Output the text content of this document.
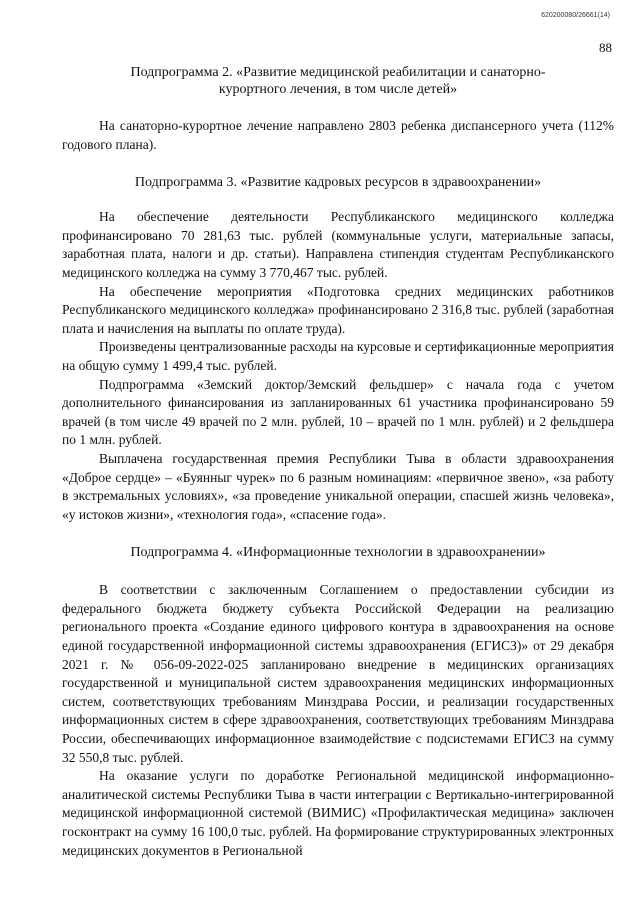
620200080/26661(14)
88

Подпрограмма 2. «Развитие медицинской реабилитации и санаторно-курортного лечения, в том числе детей»

На санаторно-курортное лечение направлено 2803 ребенка диспансерного учета (112% годового плана).

Подпрограмма 3. «Развитие кадровых ресурсов в здравоохранении»

На обеспечение деятельности Республиканского медицинского колледжа профинансировано 70 281,63 тыс. рублей (коммунальные услуги, материальные запасы, заработная плата, налоги и др. статьи). Направлена стипендия студентам Республиканского медицинского колледжа на сумму 3 770,467 тыс. рублей.

На обеспечение мероприятия «Подготовка средних медицинских работников Республиканского медицинского колледжа» профинансировано 2 316,8 тыс. рублей (заработная плата и начисления на выплаты по оплате труда).

Произведены централизованные расходы на курсовые и сертификационные мероприятия на общую сумму 1 499,4 тыс. рублей.

Подпрограмма «Земский доктор/Земский фельдшер» с начала года с учетом дополнительного финансирования из запланированных 61 участника профинансировано 59 врачей (в том числе 49 врачей по 2 млн. рублей, 10 – врачей по 1 млн. рублей) и 2 фельдшера по 1 млн. рублей.

Выплачена государственная премия Республики Тыва в области здравоохранения «Доброе сердце» – «Буянныг чурек» по 6 разным номинациям: «первичное звено», «за работу в экстремальных условиях», «за проведение уникальной операции, спасшей жизнь человека», «у истоков жизни», «технология года», «спасение года».

Подпрограмма 4. «Информационные технологии в здравоохранении»

В соответствии с заключенным Соглашением о предоставлении субсидии из федерального бюджета бюджету субъекта Российской Федерации на реализацию регионального проекта «Создание единого цифрового контура в здравоохранения на основе единой государственной информационной системы здравоохранения (ЕГИСЗ)» от 29 декабря 2021 г. № 056-09-2022-025 запланировано внедрение в медицинских организациях государственной и муниципальной систем здравоохранения медицинских информационных систем, соответствующих требованиям Минздрава России, и реализации государственных информационных систем в сфере здравоохранения, соответствующих требованиям Минздрава России, обеспечивающих информационное взаимодействие с подсистемами ЕГИСЗ на сумму 32 550,8 тыс. рублей.

На оказание услуги по доработке Региональной медицинской информационно-аналитической системы Республики Тыва в части интеграции с Вертикально-интегрированной медицинской информационной системой (ВИМИС) «Профилактическая медицина» заключен госконтракт на сумму 16 100,0 тыс. рублей. На формирование структурированных электронных медицинских документов в Региональной
